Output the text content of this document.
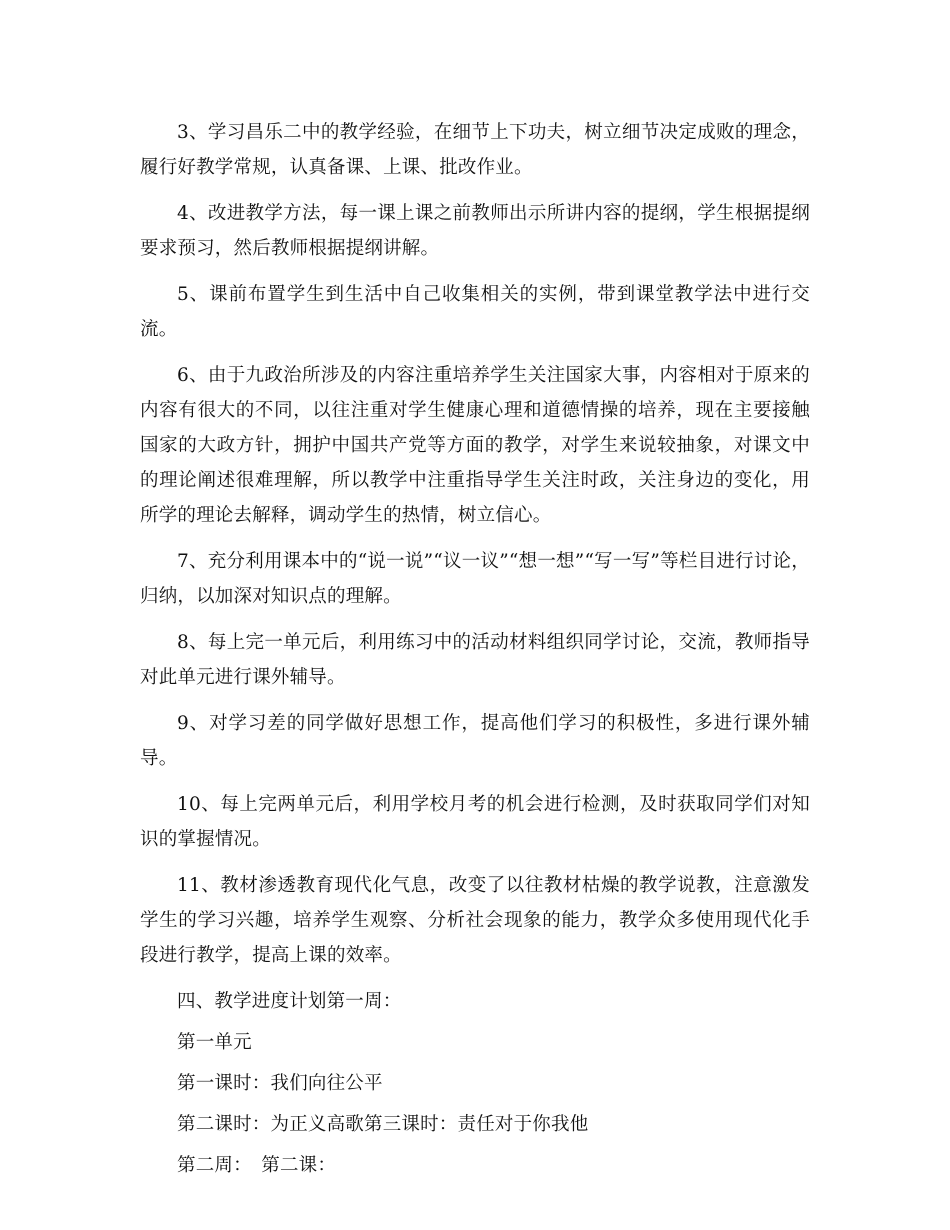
3、学习昌乐二中的教学经验，在细节上下功夫，树立细节决定成败的理念，履行好教学常规，认真备课、上课、批改作业。

4、改进教学方法，每一课上课之前教师出示所讲内容的提纲，学生根据提纲要求预习，然后教师根据提纲讲解。

5、课前布置学生到生活中自己收集相关的实例，带到课堂教学法中进行交流。

6、由于九政治所涉及的内容注重培养学生关注国家大事，内容相对于原来的内容有很大的不同，以往注重对学生健康心理和道德情操的培养，现在主要接触国家的大政方针，拥护中国共产党等方面的教学，对学生来说较抽象，对课文中的理论阐述很难理解，所以教学中注重指导学生关注时政，关注身边的变化，用所学的理论去解释，调动学生的热情，树立信心。

7、充分利用课本中的“说一说”“议一议”“想一想”“写一写”等栏目进行讨论，归纳，以加深对知识点的理解。

8、每上完一单元后，利用练习中的活动材料组织同学讨论，交流，教师指导对此单元进行课外辅导。

9、对学习差的同学做好思想工作，提高他们学习的积极性，多进行课外辅导。

10、每上完两单元后，利用学校月考的机会进行检测，及时获取同学们对知识的掌握情况。

11、教材渗透教育现代化气息，改变了以往教材枯燥的教学说教，注意激发学生的学习兴趣，培养学生观察、分析社会现象的能力，教学众多使用现代化手段进行教学，提高上课的效率。

四、教学进度计划第一周：

第一单元

第一课时：我们向往公平

第二课时：为正义高歌第三课时：责任对于你我他

第二周：　第二课：
